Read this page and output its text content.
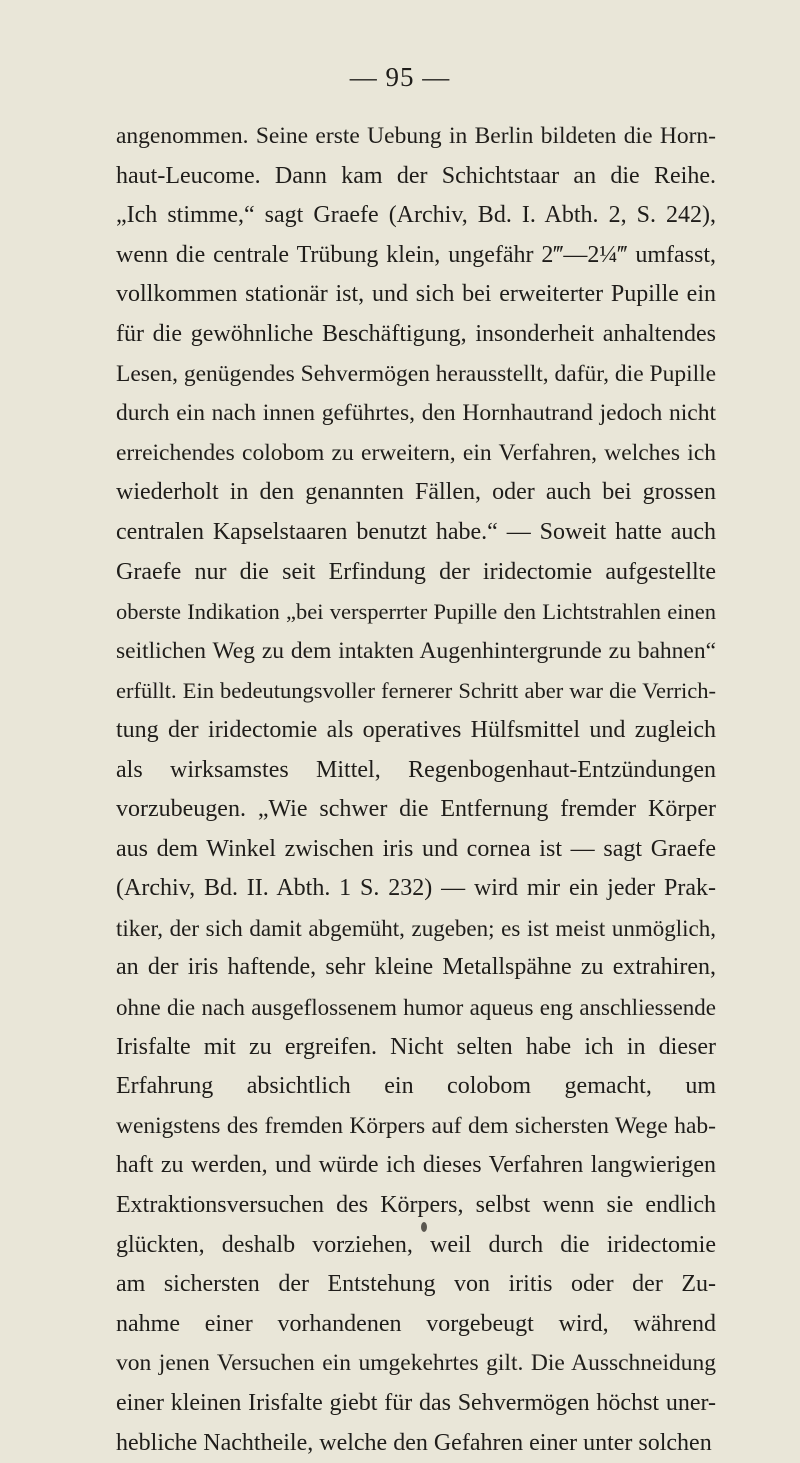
— 95 —
angenommen. Seine erste Uebung in Berlin bildeten die Horn-
haut-Leucome. Dann kam der Schichtstaar an die Reihe.
„Ich stimme,“ sagt Graefe (Archiv, Bd. I. Abth. 2, S. 242),
wenn die centrale Trübung klein, ungefähr 2‴—2¼‴ umfasst,
vollkommen stationär ist, und sich bei erweiterter Pupille ein
für die gewöhnliche Beschäftigung, insonderheit anhaltendes
Lesen, genügendes Sehvermögen herausstellt, dafür, die Pupille
durch ein nach innen geführtes, den Hornhautrand jedoch nicht
erreichendes colobom zu erweitern, ein Verfahren, welches ich
wiederholt in den genannten Fällen, oder auch bei grossen
centralen Kapselstaaren benutzt habe.“ — Soweit hatte auch
Graefe nur die seit Erfindung der iridectomie aufgestellte
oberste Indikation „bei versperrter Pupille den Lichtstrahlen einen
seitlichen Weg zu dem intakten Augenhintergrunde zu bahnen“
erfüllt. Ein bedeutungsvoller fernerer Schritt aber war die Verrich-
tung der iridectomie als operatives Hülfsmittel und zugleich
als wirksamstes Mittel, Regenbogenhaut-Entzündungen
vorzubeugen. „Wie schwer die Entfernung fremder Körper
aus dem Winkel zwischen iris und cornea ist — sagt Graefe
(Archiv, Bd. II. Abth. 1 S. 232) — wird mir ein jeder Prak-
tiker, der sich damit abgemüht, zugeben; es ist meist unmöglich,
an der iris haftende, sehr kleine Metallspähne zu extrahiren,
ohne die nach ausgeflossenem humor aqueus eng anschliessende
Irisfalte mit zu ergreifen. Nicht selten habe ich in dieser
Erfahrung absichtlich ein colobom gemacht, um
wenigstens des fremden Körpers auf dem sichersten Wege hab-
haft zu werden, und würde ich dieses Verfahren langwierigen
Extraktionsversuchen des Körpers, selbst wenn sie endlich
glückten, deshalb vorziehen, weil durch die iridectomie
am sichersten der Entstehung von iritis oder der Zu-
nahme einer vorhandenen vorgebeugt wird, während
von jenen Versuchen ein umgekehrtes gilt. Die Ausschneidung
einer kleinen Irisfalte giebt für das Sehvermögen höchst uner-
hebliche Nachtheile, welche den Gefahren einer unter solchen
